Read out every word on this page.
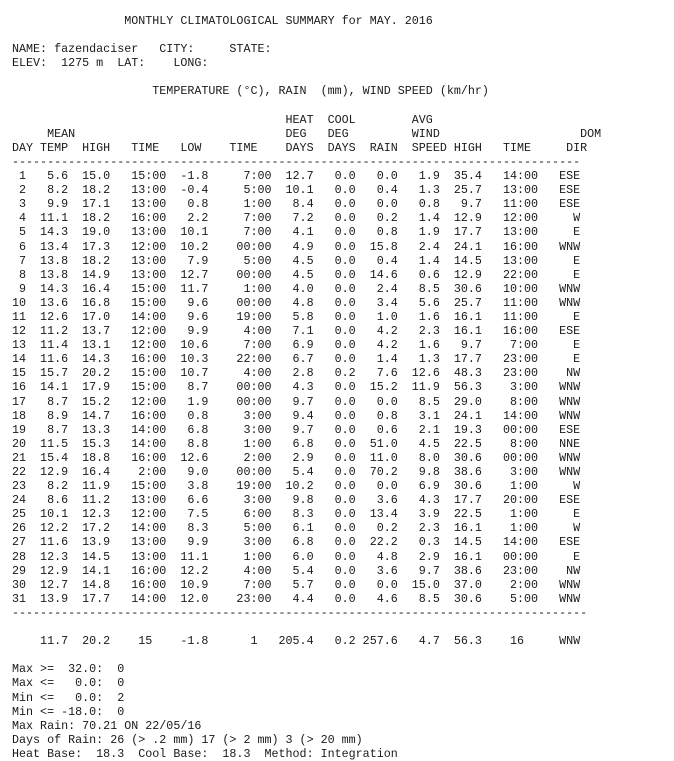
MONTHLY CLIMATOLOGICAL SUMMARY for MAY. 2016

NAME: fazendaciser   CITY:     STATE:
ELEV:  1275 m  LAT:    LONG:

TEMPERATURE (°C), RAIN  (mm), WIND SPEED (km/hr)

HEAT  COOL        AVG
MEAN                              DEG   DEG         WIND                    DOM
DAY TEMP  HIGH   TIME   LOW    TIME    DAYS  DAYS  RAIN  SPEED HIGH   TIME     DIR
---------------------------------------------------------------------------------
1   5.6  15.0   15:00  -1.8     7:00  12.7   0.0   0.0   1.9  35.4   14:00   ESE
2   8.2  18.2   13:00  -0.4     5:00  10.1   0.0   0.4   1.3  25.7   13:00   ESE
3   9.9  17.1   13:00   0.8     1:00   8.4   0.0   0.0   0.8   9.7   11:00   ESE
4  11.1  18.2   16:00   2.2     7:00   7.2   0.0   0.2   1.4  12.9   12:00     W
5  14.3  19.0   13:00  10.1     7:00   4.1   0.0   0.8   1.9  17.7   13:00     E
6  13.4  17.3   12:00  10.2    00:00   4.9   0.0  15.8   2.4  24.1   16:00   WNW
7  13.8  18.2   13:00   7.9     5:00   4.5   0.0   0.4   1.4  14.5   13:00     E
8  13.8  14.9   13:00  12.7    00:00   4.5   0.0  14.6   0.6  12.9   22:00     E
9  14.3  16.4   15:00  11.7     1:00   4.0   0.0   2.4   8.5  30.6   10:00   WNW
10  13.6  16.8   15:00   9.6    00:00   4.8   0.0   3.4   5.6  25.7   11:00   WNW
11  12.6  17.0   14:00   9.6    19:00   5.8   0.0   1.0   1.6  16.1   11:00     E
12  11.2  13.7   12:00   9.9     4:00   7.1   0.0   4.2   2.3  16.1   16:00   ESE
13  11.4  13.1   12:00  10.6     7:00   6.9   0.0   4.2   1.6   9.7    7:00     E
14  11.6  14.3   16:00  10.3    22:00   6.7   0.0   1.4   1.3  17.7   23:00     E
15  15.7  20.2   15:00  10.7     4:00   2.8   0.2   7.6  12.6  48.3   23:00    NW
16  14.1  17.9   15:00   8.7    00:00   4.3   0.0  15.2  11.9  56.3    3:00   WNW
17   8.7  15.2   12:00   1.9    00:00   9.7   0.0   0.0   8.5  29.0    8:00   WNW
18   8.9  14.7   16:00   0.8     3:00   9.4   0.0   0.8   3.1  24.1   14:00   WNW
19   8.7  13.3   14:00   6.8     3:00   9.7   0.0   0.6   2.1  19.3   00:00   ESE
20  11.5  15.3   14:00   8.8     1:00   6.8   0.0  51.0   4.5  22.5    8:00   NNE
21  15.4  18.8   16:00  12.6     2:00   2.9   0.0  11.0   8.0  30.6   00:00   WNW
22  12.9  16.4    2:00   9.0    00:00   5.4   0.0  70.2   9.8  38.6    3:00   WNW
23   8.2  11.9   15:00   3.8    19:00  10.2   0.0   0.0   6.9  30.6    1:00     W
24   8.6  11.2   13:00   6.6     3:00   9.8   0.0   3.6   4.3  17.7   20:00   ESE
25  10.1  12.3   12:00   7.5     6:00   8.3   0.0  13.4   3.9  22.5    1:00     E
26  12.2  17.2   14:00   8.3     5:00   6.1   0.0   0.2   2.3  16.1    1:00     W
27  11.6  13.9   13:00   9.9     3:00   6.8   0.0  22.2   0.3  14.5   14:00   ESE
28  12.3  14.5   13:00  11.1     1:00   6.0   0.0   4.8   2.9  16.1   00:00     E
29  12.9  14.1   16:00  12.2     4:00   5.4   0.0   3.6   9.7  38.6   23:00    NW
30  12.7  14.8   16:00  10.9     7:00   5.7   0.0   0.0  15.0  37.0    2:00   WNW
31  13.9  17.7   14:00  12.0    23:00   4.4   0.0   4.6   8.5  30.6    5:00   WNW
----------------------------------------------------------------------------------

11.7  20.2    15    -1.8      1   205.4   0.2 257.6   4.7  56.3    16     WNW

Max >=  32.0:  0
Max <=   0.0:  0
Min <=   0.0:  2
Min <= -18.0:  0
Max Rain: 70.21 ON 22/05/16
Days of Rain: 26 (> .2 mm) 17 (> 2 mm) 3 (> 20 mm)
Heat Base:  18.3  Cool Base:  18.3  Method: Integration
